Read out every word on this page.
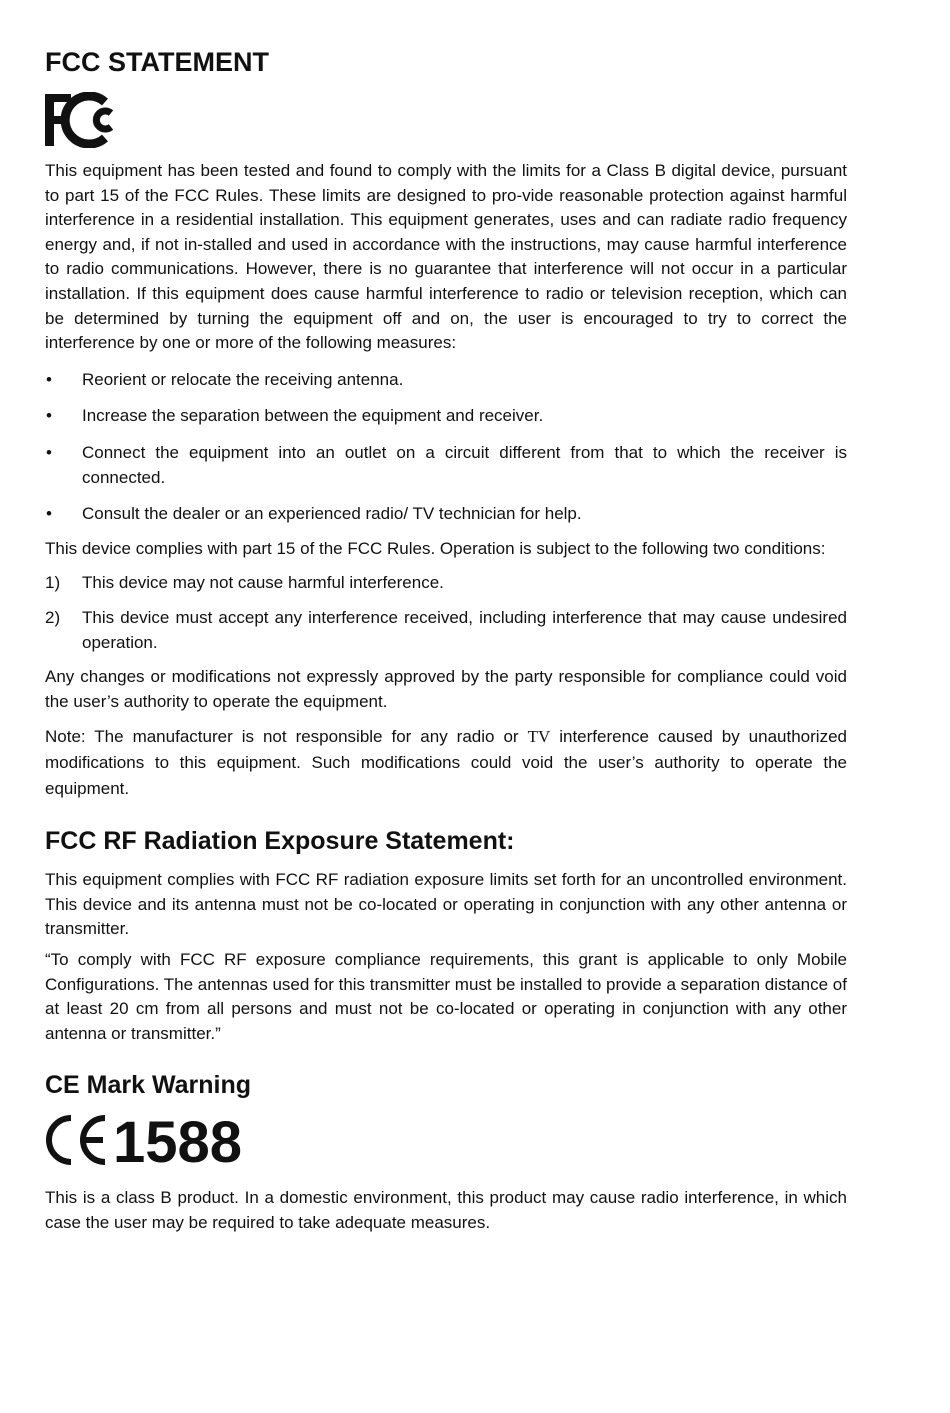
FCC STATEMENT

This equipment has been tested and found to comply with the limits for a Class B digital device, pursuant to part 15 of the FCC Rules. These limits are designed to pro-vide reasonable protection against harmful interference in a residential installation. This equipment generates, uses and can radiate radio frequency energy and, if not in-stalled and used in accordance with the instructions, may cause harmful interference to radio communications. However, there is no guarantee that interference will not occur in a particular installation. If this equipment does cause harmful interference to radio or television reception, which can be determined by turning the equipment off and on, the user is encouraged to try to correct the interference by one or more of the following measures:

•	Reorient or relocate the receiving antenna.
•	Increase the separation between the equipment and receiver.
•	Connect the equipment into an outlet on a circuit different from that to which the receiver is connected.
•	Consult the dealer or an experienced radio/ TV technician for help.

This device complies with part 15 of the FCC Rules. Operation is subject to the following two conditions:

1)	This device may not cause harmful interference.
2)	This device must accept any interference received, including interference that may cause undesired operation.

Any changes or modifications not expressly approved by the party responsible for compliance could void the user’s authority to operate the equipment.

Note: The manufacturer is not responsible for any radio or TV interference caused by unauthorized modifications to this equipment. Such modifications could void the user’s authority to operate the equipment.

FCC RF Radiation Exposure Statement:

This equipment complies with FCC RF radiation exposure limits set forth for an uncontrolled environment. This device and its antenna must not be co-located or operating in conjunction with any other antenna or transmitter.

“To comply with FCC RF exposure compliance requirements, this grant is applicable to only Mobile Configurations. The antennas used for this transmitter must be installed to provide a separation distance of at least 20 cm from all persons and must not be co-located or operating in conjunction with any other antenna or transmitter.”

CE Mark Warning
1588

This is a class B product. In a domestic environment, this product may cause radio interference, in which case the user may be required to take adequate measures.
